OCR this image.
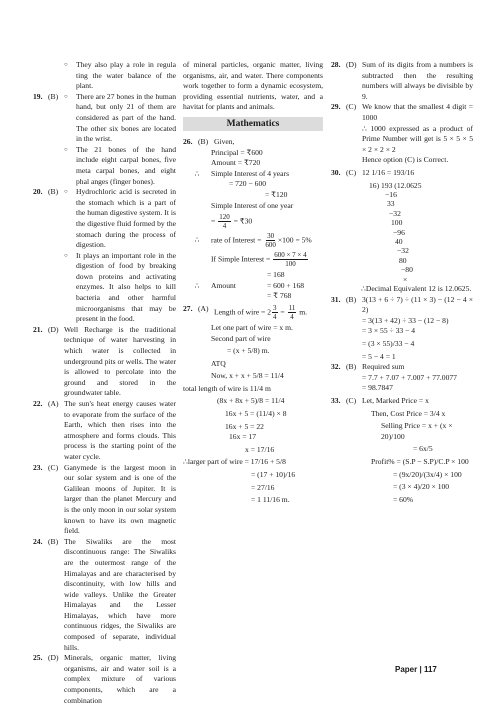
○	They also play a role in regula ting the water balance of the plant.
19. (B) ○	There are 27 bones in the human hand, but only 21 of them are considered as part of the hand. The other six bones are located in the wrist.
○	The 21 bones of the hand include eight carpal bones, five meta carpal bones, and eight phal anges (finger bones).
20. (B) ○	Hydrochloric acid is secreted in the stomach which is a part of the human digestive system. It is the digestive fluid formed by the stomach during the process of digestion.
○	It plays an important role in the digestion of food by breaking down proteins and activating enzymes. It also helps to kill bacteria and other harmful microorganisms that may be present in the food.
21. (D) Well Recharge is the traditional technique of water harvesting in which water is collected in underground pits or wells. The water is allowed to percolate into the ground and stored in the groundwater table.
22. (A) The sun's heat energy causes water to evaporate from the surface of the Earth, which then rises into the atmosphere and forms clouds. This process is the starting point of the water cycle.
23. (C) Ganymede is the largest moon in our solar system and is one of the Galilean moons of Jupiter. It is larger than the planet Mercury and is the only moon in our solar system known to have its own magnetic field.
24. (B) The Siwaliks are the most discontinuous range: The Siwaliks are the outermost range of the Himalayas and are characterised by discontinuity, with low hills and wide valleys. Unlike the Greater Himalayas and the Lesser Himalayas, which have more continuous ridges, the Siwaliks are composed of separate, individual hills.
25. (D) Minerals, organic matter, living organisms, air and water soil is a complex mixture of various components, which are a combination
of mineral particles, organic matter, living organisms, air, and water. There components work together to form a dynamic ecosystem, providing essential nutrients, water, and a havitat for plants and animals.
Mathematics
26. (B) Given,
Principal = ₹600
Amount = ₹720
∴ Simple Interest of 4 years
= 720 − 600
= ₹120
Simple Interest of one year
= $\frac{120}{4}$ = ₹30
∴ rate of Interest = $\frac{30}{600} \times 100 = 5\%$
If Simple Interest = $\frac{600 \times 7 \times 4}{100}$
= 168
∴ Amount	= 600 + 168
= ₹ 768
27. (A) Length of wire = $2 \frac{3}{4} = \frac{11}{4} m$.
Let one part of wire = x m.
Second part of wire
= (x + 5/8) m.
ATQ
Now, x + x + 5/8 = 11/4
total length of wire is 11/4 m
(8x + 8x + 5)/8 = 11/4
16x + 5 = (11/4) × 8
16x + 5 = 22
16x = 17
x = 17/16
∴larger part of wire = 17/16 + 5/8
= (17 + 10)/16
= 27/16
= 1 11/16 m.
28. (D) Sum of its digits from a numbers is subtracted then the resulting numbers will always be divisible by 9.
29. (C) We know that the smallest 4 digit = 1000
∴ 1000 expressed as a product of Prime Number will get is 5 × 5 × 5 × 2 × 2 × 2
Hence option (C) is Correct.
30. (C) 12 1/16 = 193/16
16) 193 (12.0625
−16
33
−32
100
−96
40
−32
80
−80
×
∴Decimal Equivalent 12 is 12.0625.
31. (B) 3(13 + 6 ÷ 7) ÷ (11 × 3) − (12 − 4 × 2)
= 3(13 + 42) ÷ 33 − (12 − 8)
= 3 × 55 ÷ 33 − 4
= (3 × 55)/33 − 4
= 5 − 4 = 1
32. (B) Required sum
= 7.7 + 7.07 + 7.007 + 77.0077
= 98.7847
33. (C) Let, Marked Price = x
Then, Cost Price = 3/4 x
Selling Price = x + (x × 20)/100
= 6x/5
Profit% = (S.P − S.P)/C.P × 100
= (9x/20)/(3x/4) × 100
= (3 × 4)/20 × 100
= 60%
Paper | 117
